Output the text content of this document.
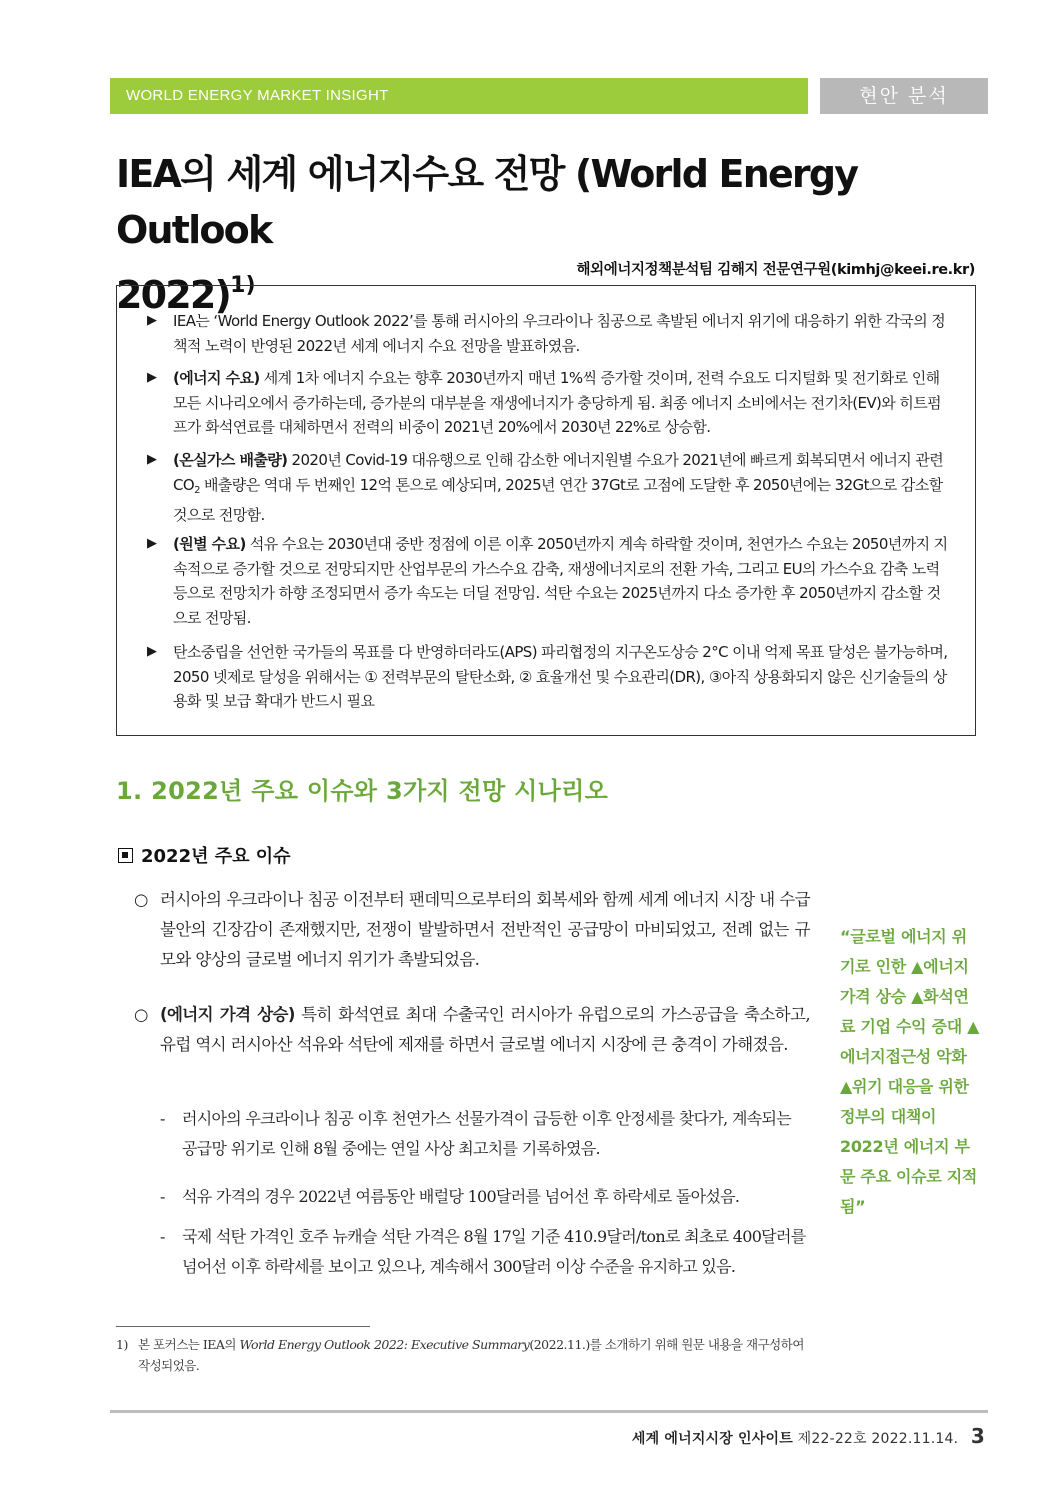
WORLD ENERGY MARKET INSIGHT	현안 분석
IEA의 세계 에너지수요 전망 (World Energy Outlook
2022)$^{1)}$
해외에너지정책분석팀 김해지 전문연구원(kimhj@keei.re.kr)
▶	IEA는 ‘World Energy Outlook 2022’를 통해 러시아의 우크라이나 침공으로 촉발된 에너지 위기에 대응하기 위한 각국의 정책적 노력이 반영된 2022년 세계 에너지 수요 전망을 발표하였음.
▶	(에너지 수요) 세계 1차 에너지 수요는 향후 2030년까지 매년 1%씩 증가할 것이며, 전력 수요도 디지털화 및 전기화로 인해 모든 시나리오에서 증가하는데, 증가분의 대부분을 재생에너지가 충당하게 됨. 최종 에너지 소비에서는 전기차(EV)와 히트펌프가 화석연료를 대체하면서 전력의 비중이 2021년 20%에서 2030년 22%로 상승함.
▶	(온실가스 배출량) 2020년 Covid-19 대유행으로 인해 감소한 에너지원별 수요가 2021년에 빠르게 회복되면서 에너지 관련 $CO_2$ 배출량은 역대 두 번째인 12억 톤으로 예상되며, 2025년 연간 37Gt로 고점에 도달한 후 2050년에는 32Gt으로 감소할 것으로 전망함.
▶	(원별 수요) 석유 수요는 2030년대 중반 정점에 이른 이후 2050년까지 계속 하락할 것이며, 천연가스 수요는 2050년까지 지속적으로 증가할 것으로 전망되지만 산업부문의 가스수요 감축, 재생에너지로의 전환 가속, 그리고 EU의 가스수요 감축 노력 등으로 전망치가 하향 조정되면서 증가 속도는 더딜 전망임. 석탄 수요는 2025년까지 다소 증가한 후 2050년까지 감소할 것으로 전망됨.
▶	탄소중립을 선언한 국가들의 목표를 다 반영하더라도(APS) 파리협정의 지구온도상승 2°C 이내 억제 목표 달성은 불가능하며, 2050 넷제로 달성을 위해서는 ① 전력부문의 탈탄소화, ② 효율개선 및 수요관리(DR), ③아직 상용화되지 않은 신기술들의 상용화 및 보급 확대가 반드시 필요
1. 2022년 주요 이슈와 3가지 전망 시나리오
2022년 주요 이슈
○ 러시아의 우크라이나 침공 이전부터 팬데믹으로부터의 회복세와 함께 세계 에너지 시장 내 수급불안의 긴장감이 존재했지만, 전쟁이 발발하면서 전반적인 공급망이 마비되었고, 전례 없는 규모와 양상의 글로벌 에너지 위기가 촉발되었음.
○ (에너지 가격 상승) 특히 화석연료 최대 수출국인 러시아가 유럽으로의 가스공급을 축소하고, 유럽 역시 러시아산 석유와 석탄에 제재를 하면서 글로벌 에너지 시장에 큰 충격이 가해졌음.
-	러시아의 우크라이나 침공 이후 천연가스 선물가격이 급등한 이후 안정세를 찾다가, 계속되는 공급망 위기로 인해 8월 중에는 연일 사상 최고치를 기록하였음.
-	석유 가격의 경우 2022년 여름동안 배럴당 100달러를 넘어선 후 하락세로 돌아섰음.
-	국제 석탄 가격인 호주 뉴캐슬 석탄 가격은 8월 17일 기준 410.9달러/ton로 최초로 400달러를 넘어선 이후 하락세를 보이고 있으나, 계속해서 300달러 이상 수준을 유지하고 있음.
“글로벌 에너지 위기로 인한 ▲에너지 가격 상승 ▲화석연료 기업 수익 증대 ▲에너지접근성 악화 ▲위기 대응을 위한 정부의 대책이 2022년 에너지 부문 주요 이슈로 지적됨”
1) 본 포커스는 IEA의 World Energy Outlook 2022: Executive Summary(2022.11.)를 소개하기 위해 원문 내용을 재구성하여 작성되었음.
세계 에너지시장 인사이트 제22-22호 2022.11.14. 3
